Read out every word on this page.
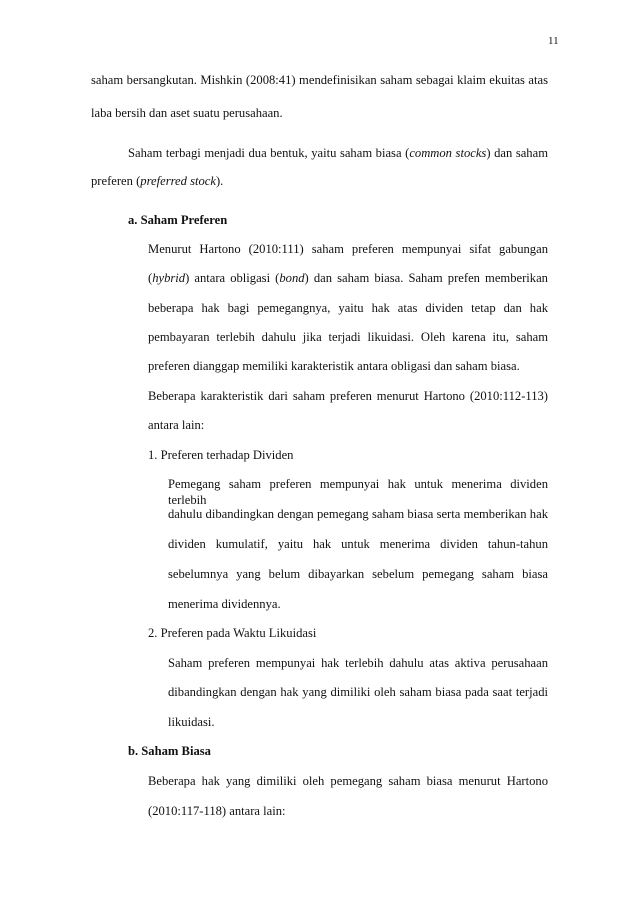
11
saham bersangkutan. Mishkin (2008:41) mendefinisikan saham sebagai klaim ekuitas atas
laba bersih dan aset suatu perusahaan.
Saham terbagi menjadi dua bentuk, yaitu saham biasa (common stocks) dan saham
preferen (preferred stock).
a. Saham Preferen
Menurut Hartono (2010:111) saham preferen mempunyai sifat gabungan
(hybrid) antara obligasi (bond) dan saham biasa. Saham prefen memberikan
beberapa hak bagi pemegangnya, yaitu hak atas dividen tetap dan hak
pembayaran terlebih dahulu jika terjadi likuidasi. Oleh karena itu, saham
preferen dianggap memiliki karakteristik antara obligasi dan saham biasa.
Beberapa karakteristik dari saham preferen menurut Hartono (2010:112-113)
antara lain:
1. Preferen terhadap Dividen
Pemegang saham preferen mempunyai hak untuk menerima dividen terlebih
dahulu dibandingkan dengan pemegang saham biasa serta memberikan hak
dividen kumulatif, yaitu hak untuk menerima dividen tahun-tahun
sebelumnya yang belum dibayarkan sebelum pemegang saham biasa
menerima dividennya.
2. Preferen pada Waktu Likuidasi
Saham preferen mempunyai hak terlebih dahulu atas aktiva perusahaan
dibandingkan dengan hak yang dimiliki oleh saham biasa pada saat terjadi
likuidasi.
b. Saham Biasa
Beberapa hak yang dimiliki oleh pemegang saham biasa menurut Hartono
(2010:117-118) antara lain:
